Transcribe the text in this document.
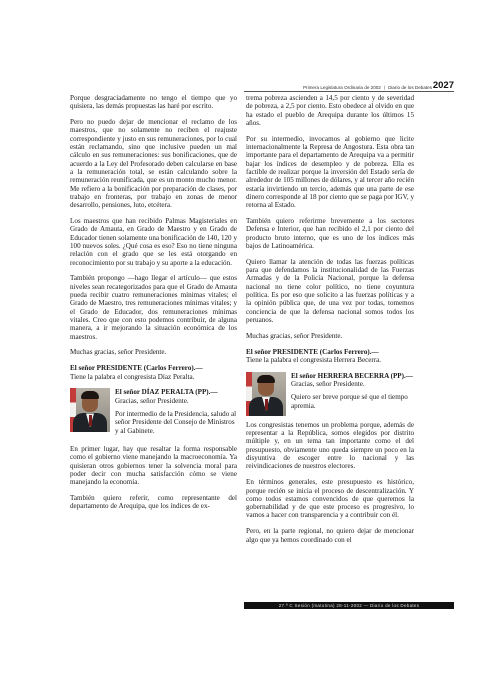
Primera Legislatura Ordinaria de 2002 | Diario de los Debates 2027

Porque desgraciadamente no tengo el tiempo que yo quisiera, las demás propuestas las haré por escrito.

Pero no puedo dejar de mencionar el reclamo de los maestros, que no solamente no reciben el reajuste correspondiente y justo en sus remuneraciones, por lo cual están reclamando, sino que inclusive pueden un mal cálculo en sus remuneraciones: sus bonificaciones, que de acuerdo a la Ley del Profesorado deben calcularse en base a la remuneración total, se están calculando sobre la remuneración reunificada, que es un monto mucho menor. Me refiero a la bonificación por preparación de clases, por trabajo en fronteras, por trabajo en zonas de menor desarrollo, pensiones, luto, etcétera.

Los maestros que han recibido Palmas Magisteriales en Grado de Amauta, en Grado de Maestro y en Grado de Educador tienen solamente una bonificación de 140, 120 y 100 nuevos soles. ¿Qué cosa es eso? Eso no tiene ninguna relación con el grado que se les está otorgando en reconocimiento por su trabajo y su aporte a la educación.

También propongo —hago llegar el artículo— que estos niveles sean recategorizados para que el Grado de Amauta pueda recibir cuatro remuneraciones mínimas vitales; el Grado de Maestro, tres remuneraciones mínimas vitales; y el Grado de Educador, dos remuneraciones mínimas vitales. Creo que con esto podemos contribuir, de alguna manera, a ir mejorando la situación económica de los maestros.

Muchas gracias, señor Presidente.

El señor PRESIDENTE (Carlos Ferrero).—
Tiene la palabra el congresista Díaz Peralta.

El señor DÍAZ PERALTA (PP).—
Gracias, señor Presidente.

Por intermedio de la Presidencia, saludo al señor Presidente del Consejo de Ministros y al Gabinete.

En primer lugar, hay que resaltar la forma responsable como el gobierno viene manejando la macroeconomía. Ya quisieran otros gobiernos tener la solvencia moral para poder decir con mucha satisfacción cómo se viene manejando la economía.

También quiero referir, como representante del departamento de Arequipa, que los índices de ex-

trema pobreza ascienden a 14,5 por ciento y de severidad de pobreza, a 2,5 por ciento. Esto obedece al olvido en que ha estado el pueblo de Arequipa durante los últimos 15 años.

Por su intermedio, invocamos al gobierno que licite internacionalmente la Represa de Angostura. Esta obra tan importante para el departamento de Arequipa va a permitir bajar los índices de desempleo y de pobreza. Ella es factible de realizar porque la inversión del Estado sería de alrededor de 105 millones de dólares, y al tercer año recién estaría invirtiendo un tercio, además que una parte de ese dinero corresponde al 18 por ciento que se paga por IGV, y retorna al Estado.

También quiero referirme brevemente a los sectores Defensa e Interior, que han recibido el 2,1 por ciento del producto bruto interno, que es uno de los índices más bajos de Latinoamérica.

Quiero llamar la atención de todas las fuerzas políticas para que defendamos la institucionalidad de las Fuerzas Armadas y de la Policía Nacional, porque la defensa nacional no tiene color político, no tiene coyuntura política. Es por eso que solicito a las fuerzas políticas y a la opinión pública que, de una vez por todas, tomemos conciencia de que la defensa nacional somos todos los peruanos.

Muchas gracias, señor Presidente.

El señor PRESIDENTE (Carlos Ferrero).—
Tiene la palabra el congresista Herrera Becerra.

El señor HERRERA BECERRA (PP).—
Gracias, señor Presidente.

Quiero ser breve porque sé que el tiempo apremia.

Los congresistas tenemos un problema porque, además de representar a la República, somos elegidos por distrito múltiple y, en un tema tan importante como el del presupuesto, obviamente uno queda siempre un poco en la disyuntiva de escoger entre lo nacional y las reivindicaciones de nuestros electores.

En términos generales, este presupuesto es histórico, porque recién se inicia el proceso de descentralización. Y como todos estamos convencidos de que queremos la gobernabilidad y de que este proceso es progresivo, lo vamos a hacer con transparencia y a contribuir con él.

Pero, en la parte regional, no quiero dejar de mencionar algo que ya hemos coordinado con el

27.ª C Sesión (matutina) 28-11-2002 — Diario de los Debates
